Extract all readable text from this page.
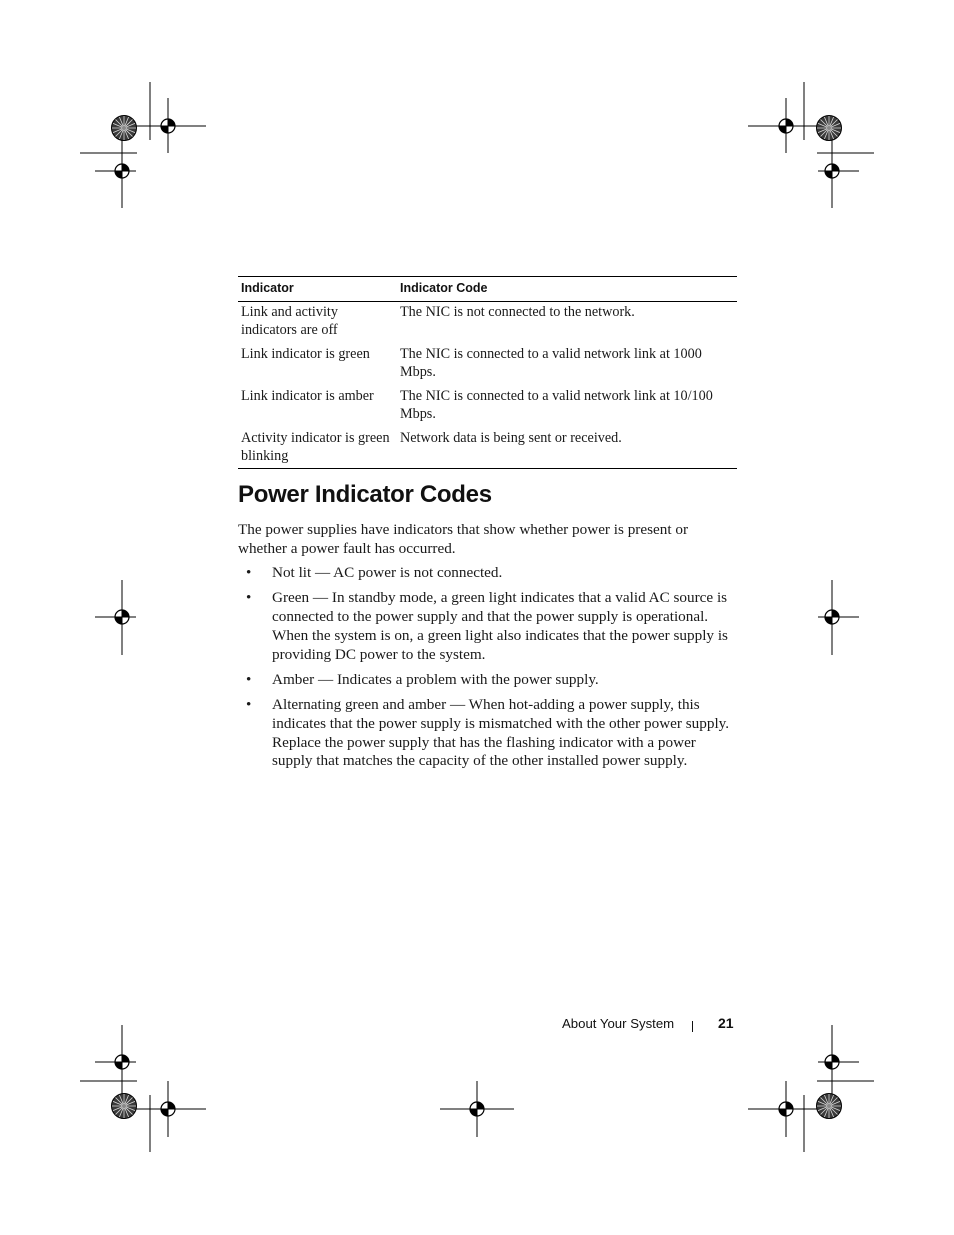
Indicator	Indicator Code
Link and activity indicators are off	The NIC is not connected to the network.
Link indicator is green	The NIC is connected to a valid network link at 1000 Mbps.
Link indicator is amber	The NIC is connected to a valid network link at 10/100 Mbps.
Activity indicator is green blinking	Network data is being sent or received.
Power Indicator Codes

The power supplies have indicators that show whether power is present or whether a power fault has occurred.

• Not lit — AC power is not connected.
• Green — In standby mode, a green light indicates that a valid AC source is connected to the power supply and that the power supply is operational. When the system is on, a green light also indicates that the power supply is providing DC power to the system.
• Amber — Indicates a problem with the power supply.
• Alternating green and amber — When hot-adding a power supply, this indicates that the power supply is mismatched with the other power supply. Replace the power supply that has the flashing indicator with a power supply that matches the capacity of the other installed power supply.
About Your System	21
